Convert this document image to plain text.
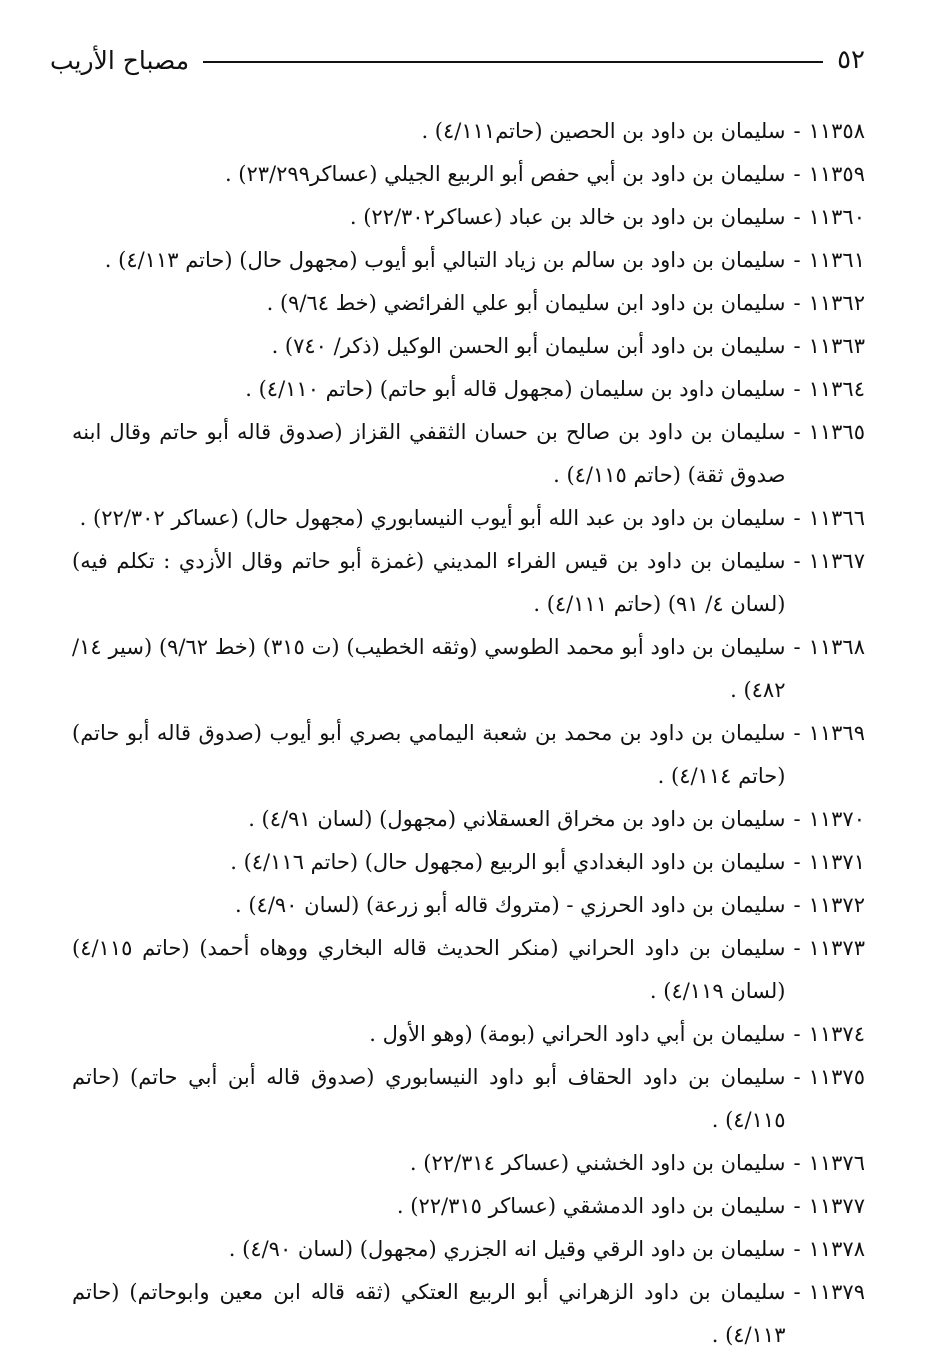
٥٢
مصباح الأريب
١١٣٥٨
-
سليمان بن داود بن الحصين (حاتم٤/١١١) .
١١٣٥٩
-
سليمان بن داود بن أبي حفص أبو الربيع الجيلي (عساكر٢٣/٢٩٩) .
١١٣٦٠
-
سليمان بن داود بن خالد بن عباد (عساكر٢٢/٣٠٢) .
١١٣٦١
-
سليمان بن داود بن سالم بن زياد التبالي أبو أيوب (مجهول حال) (حاتم ٤/١١٣) .
١١٣٦٢
-
سليمان بن داود ابن سليمان أبو علي الفرائضي (خط ٩/٦٤) .
١١٣٦٣
-
سليمان بن داود أبن سليمان أبو الحسن الوكيل (ذكر/ ٧٤٠) .
١١٣٦٤
-
سليمان داود بن سليمان (مجهول قاله أبو حاتم) (حاتم ٤/١١٠) .
١١٣٦٥
-
سليمان بن داود بن صالح بن حسان الثقفي القزاز (صدوق قاله أبو حاتم وقال ابنه صدوق ثقة) (حاتم ٤/١١٥) .
١١٣٦٦
-
سليمان بن داود بن عبد الله أبو أيوب النيسابوري (مجهول حال) (عساكر ٢٢/٣٠٢) .
١١٣٦٧
-
سليمان بن داود بن قيس الفراء المديني (غمزة أبو حاتم وقال الأزدي : تكلم فيه) (لسان ٤/ ٩١) (حاتم ٤/١١١) .
١١٣٦٨
-
سليمان بن داود أبو محمد الطوسي (وثقه الخطيب) (ت ٣١٥) (خط ٩/٦٢) (سير ١٤/ ٤٨٢) .
١١٣٦٩
-
سليمان بن داود بن محمد بن شعبة اليمامي بصري أبو أيوب (صدوق قاله أبو حاتم) (حاتم ٤/١١٤) .
١١٣٧٠
-
سليمان بن داود بن مخراق العسقلاني (مجهول) (لسان ٤/٩١) .
١١٣٧١
-
سليمان بن داود البغدادي أبو الربيع (مجهول حال) (حاتم ٤/١١٦) .
١١٣٧٢
-
سليمان بن داود الحرزي - (متروك قاله أبو زرعة) (لسان ٤/٩٠) .
١١٣٧٣
-
سليمان بن داود الحراني (منكر الحديث قاله البخاري ووهاه أحمد) (حاتم ٤/١١٥) (لسان ٤/١١٩) .
١١٣٧٤
-
سليمان بن أبي داود الحراني (بومة) (وهو الأول .
١١٣٧٥
-
سليمان بن داود الحقاف أبو داود النيسابوري (صدوق قاله أبن أبي حاتم) (حاتم ٤/١١٥) .
١١٣٧٦
-
سليمان بن داود الخشني (عساكر ٢٢/٣١٤) .
١١٣٧٧
-
سليمان بن داود الدمشقي (عساكر ٢٢/٣١٥) .
١١٣٧٨
-
سليمان بن داود الرقي وقيل انه الجزري (مجهول) (لسان ٤/٩٠) .
١١٣٧٩
-
سليمان بن داود الزهراني أبو الربيع العتكي (ثقه قاله ابن معين وابوحاتم) (حاتم ٤/١١٣) .
